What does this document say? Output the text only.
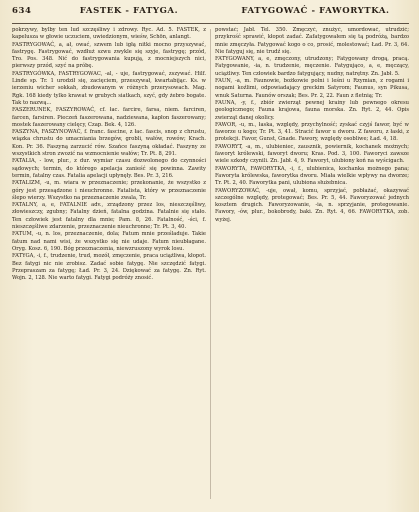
634	FASTEK - FATYGA.	FATYGOWAĆ - FAWORYTKA.

pokrzywy, bylby ten lud szczęśliwy i zdrowy. Ryc. Ad. 5. FASTEK, z kapelusza w głowie uczuciem, uwiedzionym, wieśw, Schön, anlangt.

FASTRYGOWAĆ, a, ał, ować, szwem lub igłą nitki mocno przyszywać, fastrygę. Fastrygować, wzdłuż szwu zwykle się szyje, fastrygę; przód, Tro. Pos. 348. Nić do fastrygowania kupują, z mocniejszych nici, pierwszy przód, szyć na próbę.

FASTRYGÓWKA, FASTRYGOWAC, -al, - uje, fastrygować, zszywać. Hilf. Linde sp. Tr. 1 urodził się, zacięciem, przeszywał, kwartabijąc. Ks. w ierzeniu wicher sokkah, zbudowanym w różnych przerysowach. Mag. Rgk. 168 kiedy tylko krawat w grubych siatkach, szyć, gdy żebro bogate. Tak to nazwą...

FASZERUNEK, FASZYROWAĆ, cf. łac. farcire, farsa, niem. farciren, farcen, farsiren. Pieczeń faszerowana, nadziewana, kapłon faszerowany; mostek faszerowany cielęcy, Czap. Bek. 4, 126.

FASZYNA, FASZYNOWAĆ, f. franc. fascine, z łac. fascis, snop z chrustu, wiązka chrustu do umacniania brzegów, grobli, wałów, rowów; Krach. Kon. Pr. 36. Faszyną zarzucić rów. Szańce faszyną okładać. Faszyny ze wszystkich stron zwozić na wzmocnienie wałów; Tr. Pt. 8, 291.

FATALIA, - low, plur., z dur. wymiar czasu dozwolonego do czynności sądowych; termin, do którego apelacja zanieść się powinna. Zawity termin, fatalny czas. Fatalia apelacji upłynęły. Bes. Pr. 3, 216.

FATALIZM, -u, m. wiara w przeznaczenie; przekonanie, że wszystko z góry jest przesądzone i nieuchronne. Fatalista, który w przeznaczenie ślepo wierzy. Wszystko na przeznaczenie zwala, Tr.

FATALNY, a, e, FATALNIE adv., zrządzony przez los, nieszczęśliwy, złowieszczy, zgubny; Fatalny dzień, fatalna godzina. Fatalnie się stało. Ten człowiek jest fatalny dla mnie; Pam. 8, 26. Fatalność, -ści, f. nieszczęśliwe zdarzenie, przeznaczenie nieuchronne; Tr. Pt. 3, 40.

FATUM, -u, n. los, przeznaczenie, dola; Fatum mnie prześladuje. Takie fatum nad nami wisi, że wszystko się nie udaje. Fatum nieubłagane. Oryg. Kosz. 6, 190. Bóg przeznaczenia, niewzruszony wyrok losu.

FATYGA, -i, f., trudzenie, trud, mozół, zmęczenie, praca uciążliwa, kłopot. Bez fatygi nic nie zrobisz. Zadać sobie fatygę. Nie szczędzić fatygi. Przepraszam za fatygę; Ład. Pr. 3, 24. Dziękować za fatygę. Zn. Ryt. Wojn. 2, 128. Nie warto fatygi. Fatygi podróży znosić.

powstać; Jabł. Tel. 350. Zmęczyć, znużyć, umordować, utrudzić; przykrość sprawić, kłopot zadać. Zafatygowałem się tą podróżą, bardzo mnie zmęczyła. Fatygować kogo o co, prosić, molestować; Ład. Pr. 3, 64. Nie fatyguj się, nie trudź się.

FATYGOWANY, a, e, zmęczony, utrudzony; Fatygowany drogą, pracą. Fatygowanie, -ia, n. trudzenie, męczenie. Fatygująco, a, e, męczący, uciążliwy. Ten człowiek bardzo fatygujący, nudny, natrętny. Zn. Jabł. 5.

FAUN, -a, m. Faunowie, bożkowie polni i leśni u Rzymian, z rogami i nogami koźlimi, odpowiadający greckim Satyrom; Faunus, syn Pikusa, wnuk Saturna. Faunów orszak; Bes. Pr. 2, 22. Faun z fletnią; Tr.

FAUNA, -y, f., zbiór zwierząt pewnej krainy lub pewnego okresu geologicznego; Fauna krajowa, fauna morska. Zn. Ryt. 2, 44. Opis zwierząt danej okolicy.

FAWOR, -u, m., łaska, względy, przychylność; zyskać czyjś fawor, być w faworze u kogo; Tr. Pt. 3, 41. Stracić fawor u dworu. Z faworu, z łaski, z protekcji. Favor, Gunst, Gnade. Fawory, względy osobliwe; Ład. 4, 18.

FAWORYT, -a, m., ulubieniec, zausznik, powiernik, kochanek możnych; faworyt królewski, faworyt dworu; Kras. Pod. 3, 100. Faworyci zawsze wiele szkody czynili. Zn. Jabł. 4, 9. Faworyt, ulubiony koń na wyścigach.

FAWORYTA, FAWORYTKA, -i, f., ulubienica, kochanka możnego pana; Faworyta królewska, faworytka dworu. Miała wielkie wpływy na dworze; Tr. Pt. 2, 40. Faworytka pani, ulubiona służebnica.

FAWORYZOWAĆ, -uje, ował, komu, sprzyjać, pobłażać, okazywać szczególne względy, protegować; Bes. Pr. 5, 44. Faworyzować jednych kosztem drugich. Faworyzowanie, -ia, n. sprzyjanie, protegowanie. Fawory, -ów, plur., bokobrody, baki. Zn. Ryt. 4, 66. FAWORYTKA, zob. wyżej.
